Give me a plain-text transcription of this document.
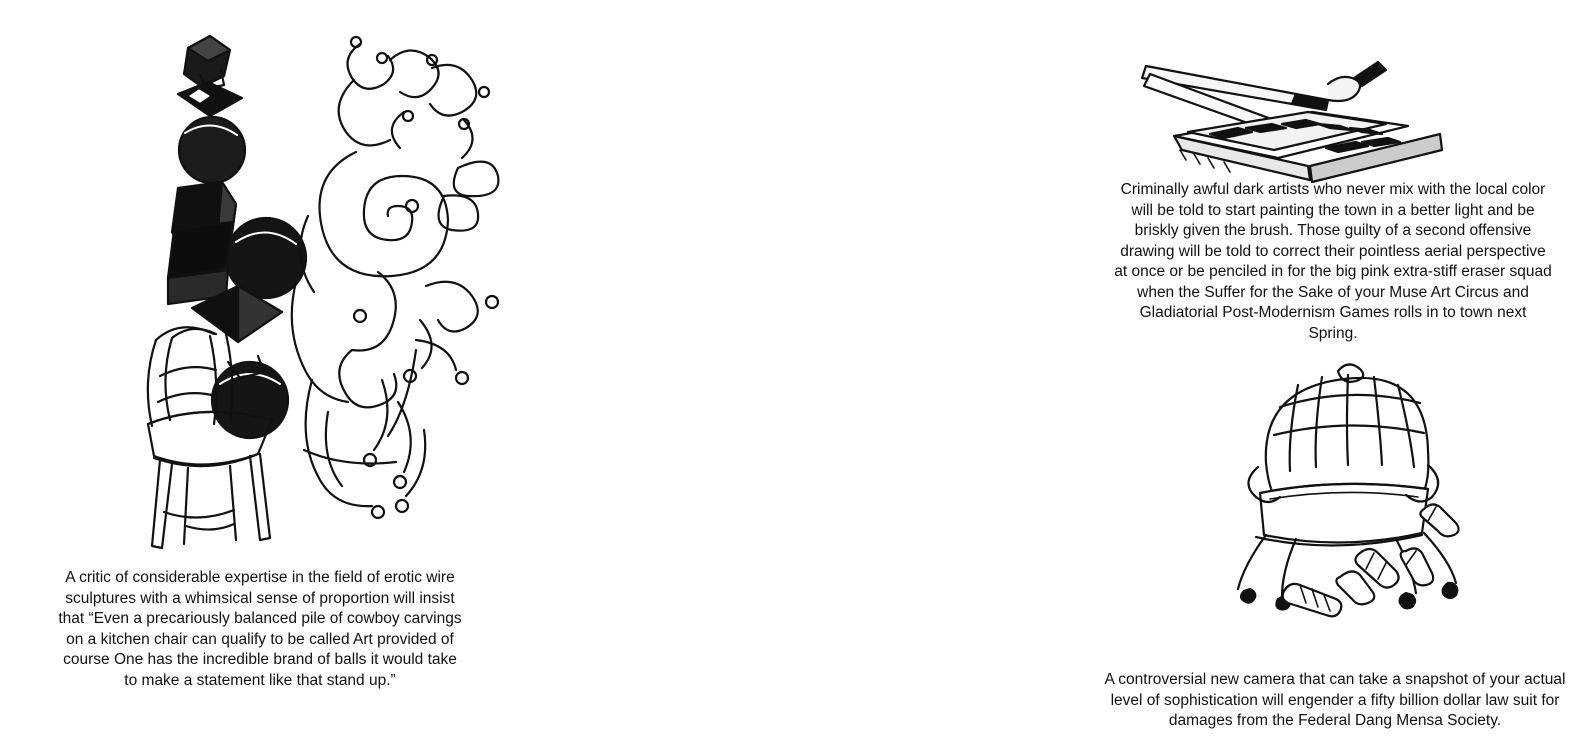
A critic of considerable expertise in the field of erotic wire sculptures with a whimsical sense of proportion will insist that “Even a precariously balanced pile of cowboy carvings on a kitchen chair can qualify to be called Art provided of course One has the incredible brand of balls it would take to make a statement like that stand up.”
Criminally awful dark artists who never mix with the local color will be told to start painting the town in a better light and be briskly given the brush. Those guilty of a second offensive drawing will be told to correct their pointless aerial perspective at once or be penciled in for the big pink extra-stiff eraser squad when the Suffer for the Sake of your Muse Art Circus and Gladiatorial Post-Modernism Games rolls in to town next Spring.
A controversial new camera that can take a snapshot of your actual level of sophistication will engender a fifty billion dollar law suit for damages from the Federal Dang Mensa Society.
